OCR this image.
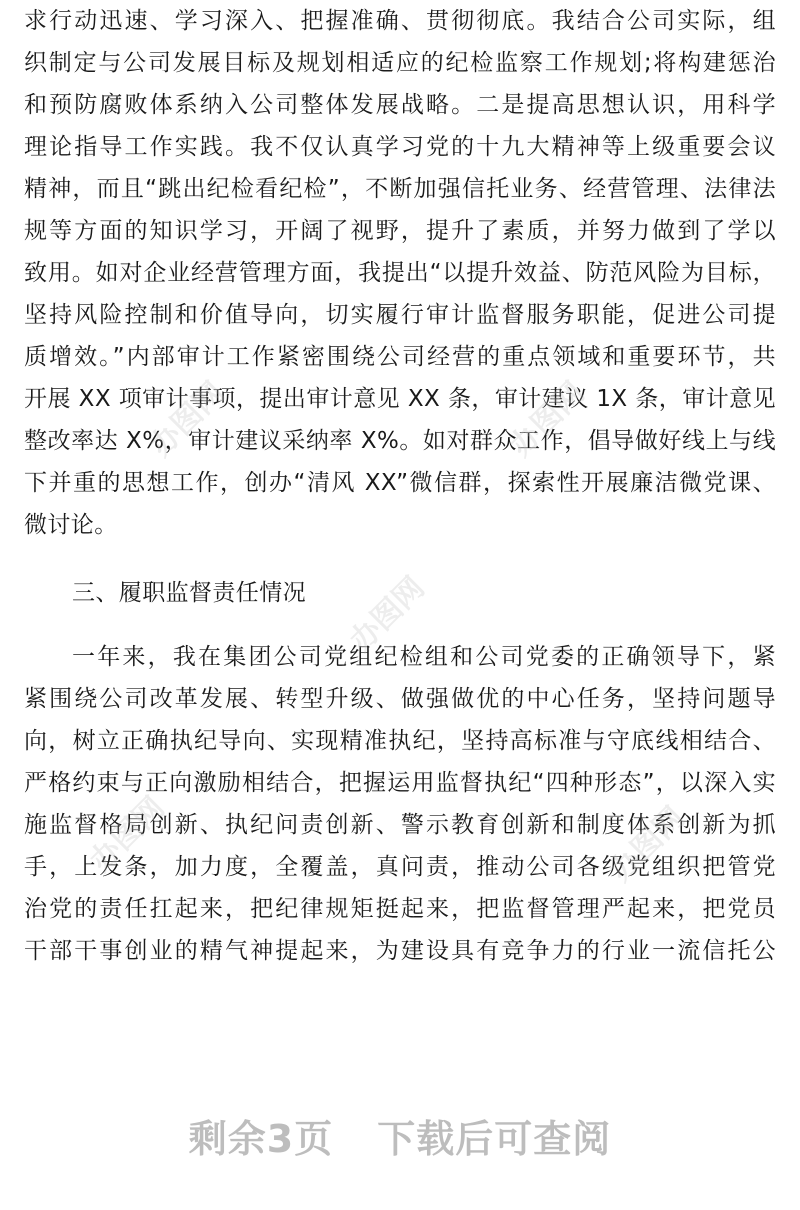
求行动迅速、学习深入、把握准确、贯彻彻底。我结合公司实际，组
织制定与公司发展目标及规划相适应的纪检监察工作规划;将构建惩治
和预防腐败体系纳入公司整体发展战略。二是提高思想认识，用科学
理论指导工作实践。我不仅认真学习党的十九大精神等上级重要会议
精神，而且“跳出纪检看纪检”，不断加强信托业务、经营管理、法律法
规等方面的知识学习，开阔了视野，提升了素质，并努力做到了学以
致用。如对企业经营管理方面，我提出“以提升效益、防范风险为目标，
坚持风险控制和价值导向，切实履行审计监督服务职能，促进公司提
质增效。”内部审计工作紧密围绕公司经营的重点领域和重要环节，共
开展 XX 项审计事项，提出审计意见 XX 条，审计建议 1X 条，审计意见
整改率达 X%，审计建议采纳率 X%。如对群众工作，倡导做好线上与线
下并重的思想工作，创办“清风 XX”微信群，探索性开展廉洁微党课、
微讨论。
三、履职监督责任情况
一年来，我在集团公司党组纪检组和公司党委的正确领导下，紧
紧围绕公司改革发展、转型升级、做强做优的中心任务，坚持问题导
向，树立正确执纪导向、实现精准执纪，坚持高标准与守底线相结合、
严格约束与正向激励相结合，把握运用监督执纪“四种形态”，以深入实
施监督格局创新、执纪问责创新、警示教育创新和制度体系创新为抓
手，上发条，加力度，全覆盖，真问责，推动公司各级党组织把管党
治党的责任扛起来，把纪律规矩挺起来，把监督管理严起来，把党员
干部干事创业的精气神提起来，为建设具有竞争力的行业一流信托公
办图网	办图网
办图网
办图网	办图网
剩余3页 下载后可查阅
